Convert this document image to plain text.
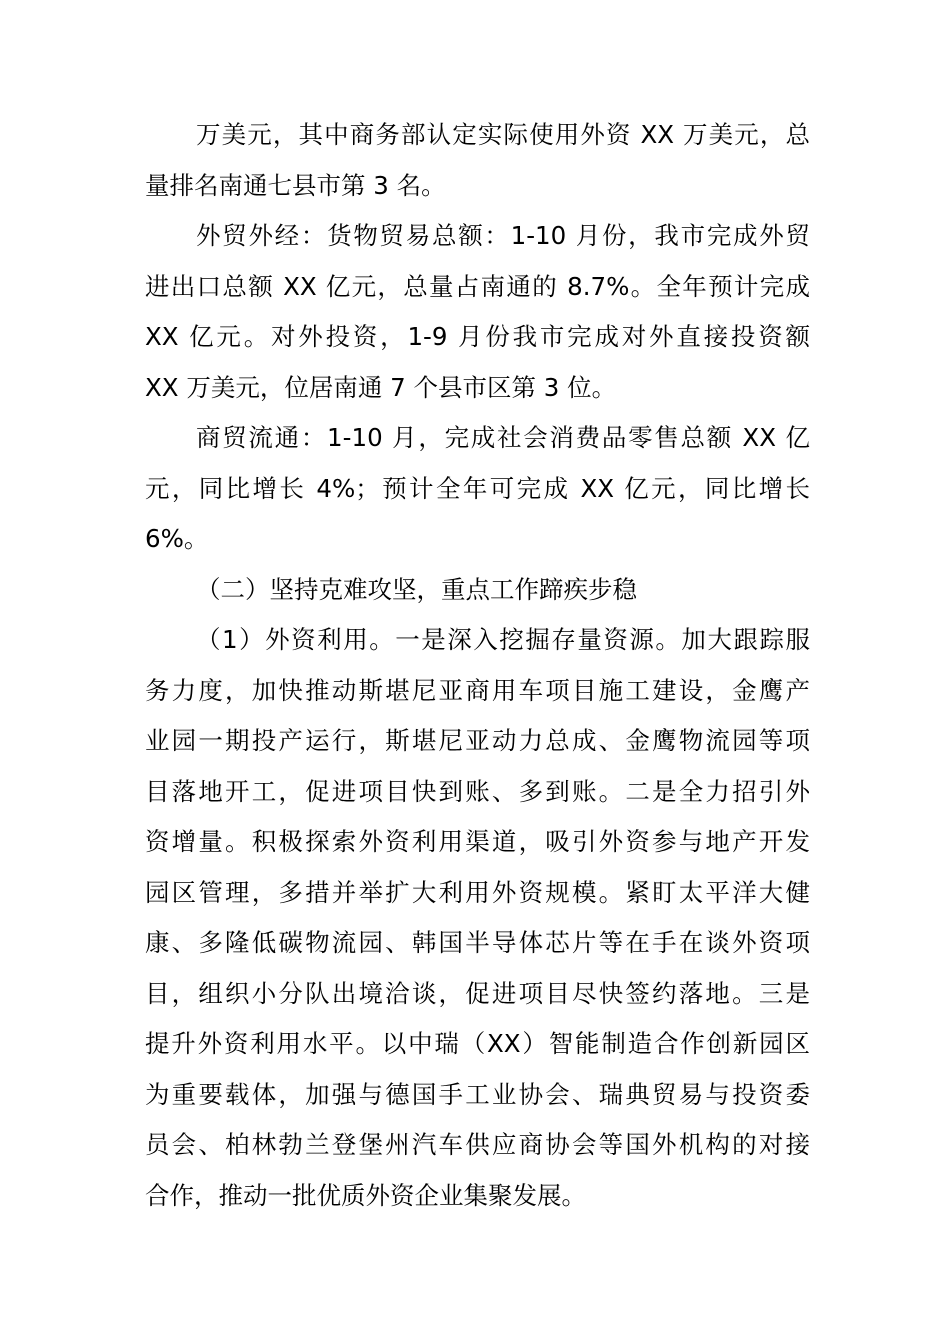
万美元，其中商务部认定实际使用外资 XX 万美元，总
量排名南通七县市第 3 名。
外贸外经：货物贸易总额：1-10 月份，我市完成外贸
进出口总额 XX 亿元，总量占南通的 8.7%。全年预计完成
XX 亿元。对外投资，1-9 月份我市完成对外直接投资额
XX 万美元，位居南通 7 个县市区第 3 位。
商贸流通：1-10 月，完成社会消费品零售总额 XX 亿
元，同比增长 4%；预计全年可完成 XX 亿元，同比增长
6%。
（二）坚持克难攻坚，重点工作蹄疾步稳
（1）外资利用。一是深入挖掘存量资源。加大跟踪服
务力度，加快推动斯堪尼亚商用车项目施工建设，金鹰产
业园一期投产运行，斯堪尼亚动力总成、金鹰物流园等项
目落地开工，促进项目快到账、多到账。二是全力招引外
资增量。积极探索外资利用渠道，吸引外资参与地产开发
园区管理，多措并举扩大利用外资规模。紧盯太平洋大健
康、多隆低碳物流园、韩国半导体芯片等在手在谈外资项
目，组织小分队出境洽谈，促进项目尽快签约落地。三是
提升外资利用水平。以中瑞（XX）智能制造合作创新园区
为重要载体，加强与德国手工业协会、瑞典贸易与投资委
员会、柏林勃兰登堡州汽车供应商协会等国外机构的对接
合作，推动一批优质外资企业集聚发展。
